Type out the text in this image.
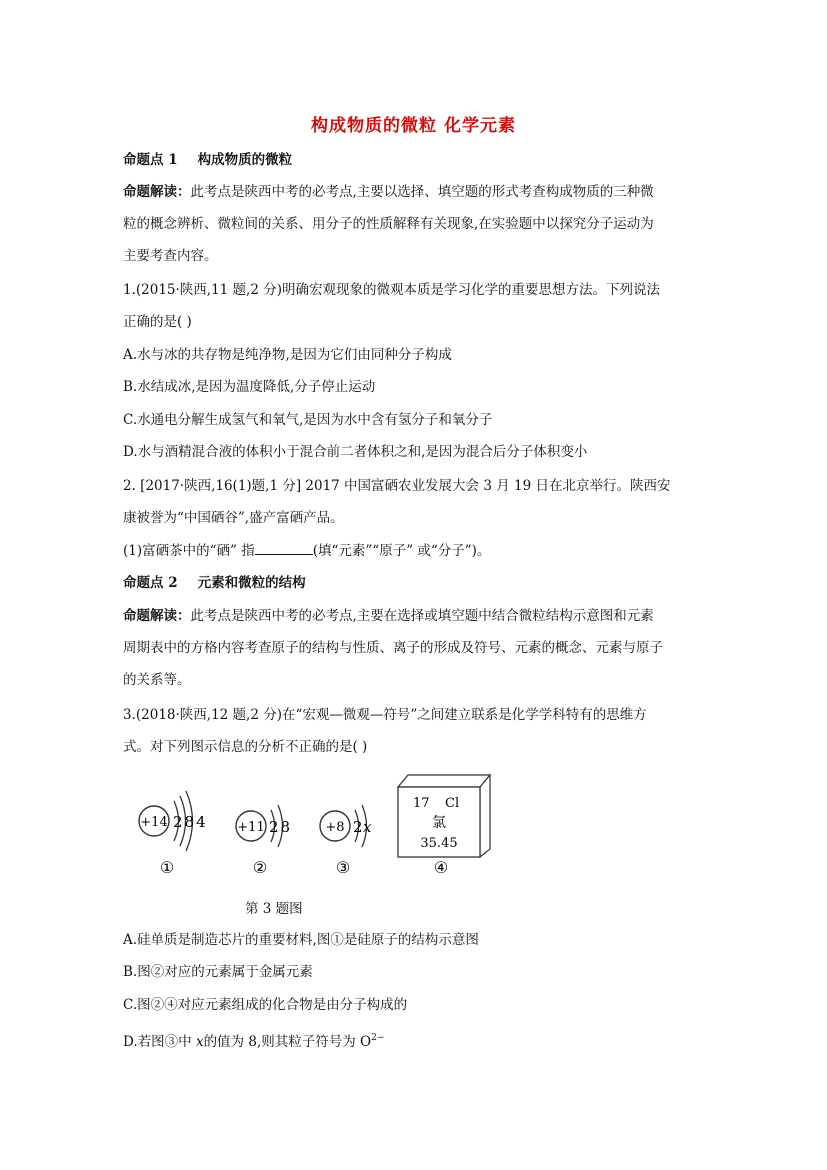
构成物质的微粒 化学元素
命题点 1 构成物质的微粒
命题解读：此考点是陕西中考的必考点,主要以选择、填空题的形式考查构成物质的三种微
粒的概念辨析、微粒间的关系、用分子的性质解释有关现象,在实验题中以探究分子运动为
主要考查内容。
1.(2015·陕西,11 题,2 分)明确宏观现象的微观本质是学习化学的重要思想方法。下列说法
正确的是( )
A.水与冰的共存物是纯净物,是因为它们由同种分子构成
B.水结成冰,是因为温度降低,分子停止运动
C.水通电分解生成氢气和氧气,是因为水中含有氢分子和氧分子
D.水与酒精混合液的体积小于混合前二者体积之和,是因为混合后分子体积变小
2. [2017·陕西,16(1)题,1 分] 2017 中国富硒农业发展大会 3 月 19 日在北京举行。陕西安
康被誉为“中国硒谷”,盛产富硒产品。
(1)富硒茶中的“硒” 指	(填“元素”“原子” 或“分子”)。
命题点 2 元素和微粒的结构
命题解读：此考点是陕西中考的必考点,主要在选择或填空题中结合微粒结构示意图和元素
周期表中的方格内容考查原子的结构与性质、离子的形成及符号、元素的概念、元素与原子
的关系等。
3.(2018·陕西,12 题,2 分)在“宏观—微观—符号”之间建立联系是化学学科特有的思维方
式。对下列图示信息的分析不正确的是( )
+14 284
①
+11 28
②
+8 2 x
③
17 Cl
氯
35.45
④
第 3 题图
A.硅单质是制造芯片的重要材料,图①是硅原子的结构示意图
B.图②对应的元素属于金属元素
C.图②④对应元素组成的化合物是由分子构成的
D.若图③中 x的值为 8,则其粒子符号为 $O^{2-}$
